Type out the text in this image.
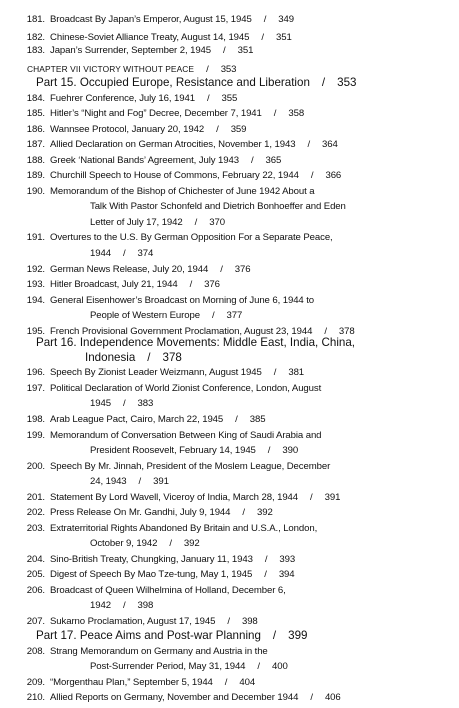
181. Broadcast By Japan’s Emperor, August 15, 1945 / 349
182. Chinese-Soviet Alliance Treaty, August 14, 1945 / 351
183. Japan’s Surrender, September 2, 1945 / 351
CHAPTER VII VICTORY WITHOUT PEACE / 353
Part 15. Occupied Europe, Resistance and Liberation / 353
184. Fuehrer Conference, July 16, 1941 / 355
185. Hitler’s “Night and Fog” Decree, December 7, 1941 / 358
186. Wannsee Protocol, January 20, 1942 / 359
187. Allied Declaration on German Atrocities, November 1, 1943 / 364
188. Greek ‘National Bands’ Agreement, July 1943 / 365
189. Churchill Speech to House of Commons, February 22, 1944 / 366
190. Memorandum of the Bishop of Chichester of June 1942 About a
Talk With Pastor Schonfeld and Dietrich Bonhoeffer and Eden
Letter of July 17, 1942 / 370
191. Overtures to the U.S. By German Opposition For a Separate Peace,
1944 / 374
192. German News Release, July 20, 1944 / 376
193. Hitler Broadcast, July 21, 1944 / 376
194. General Eisenhower’s Broadcast on Morning of June 6, 1944 to
People of Western Europe / 377
195. French Provisional Government Proclamation, August 23, 1944 / 378
Part 16. Independence Movements: Middle East, India, China,
Indonesia / 378
196. Speech By Zionist Leader Weizmann, August 1945 / 381
197. Political Declaration of World Zionist Conference, London, August
1945 / 383
198. Arab League Pact, Cairo, March 22, 1945 / 385
199. Memorandum of Conversation Between King of Saudi Arabia and
President Roosevelt, February 14, 1945 / 390
200. Speech By Mr. Jinnah, President of the Moslem League, December
24, 1943 / 391
201. Statement By Lord Wavell, Viceroy of India, March 28, 1944 / 391
202. Press Release On Mr. Gandhi, July 9, 1944 / 392
203. Extraterritorial Rights Abandoned By Britain and U.S.A., London,
October 9, 1942 / 392
204. Sino-British Treaty, Chungking, January 11, 1943 / 393
205. Digest of Speech By Mao Tze-tung, May 1, 1945 / 394
206. Broadcast of Queen Wilhelmina of Holland, December 6,
1942 / 398
207. Sukarno Proclamation, August 17, 1945 / 398
Part 17. Peace Aims and Post-war Planning / 399
208. Strang Memorandum on Germany and Austria in the
Post-Surrender Period, May 31, 1944 / 400
209. “Morgenthau Plan,” September 5, 1944 / 404
210. Allied Reports on Germany, November and December 1944 / 406
